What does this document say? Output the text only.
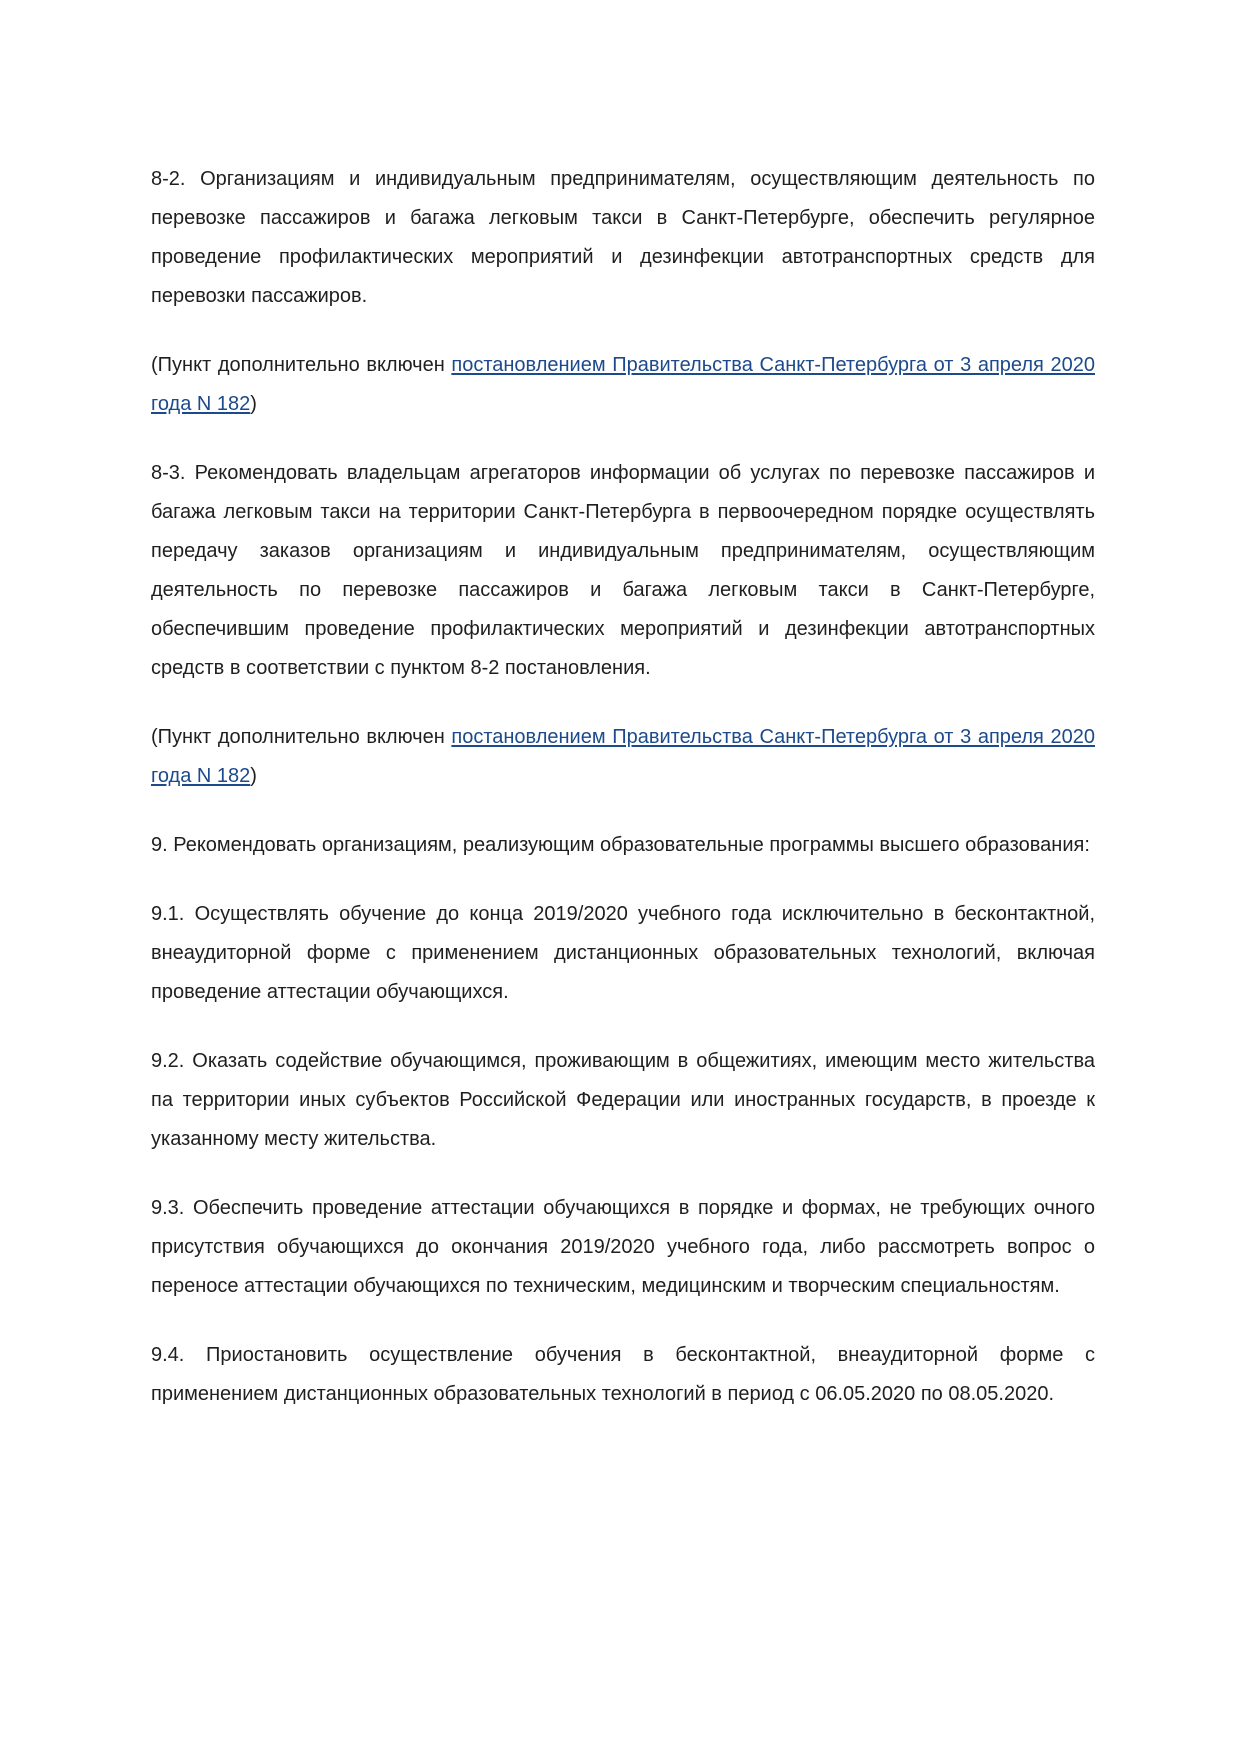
8-2. Организациям и индивидуальным предпринимателям, осуществляющим деятельность по перевозке пассажиров и багажа легковым такси в Санкт-Петербурге, обеспечить регулярное проведение профилактических мероприятий и дезинфекции автотранспортных средств для перевозки пассажиров.

(Пункт дополнительно включен постановлением Правительства Санкт-Петербурга от 3 апреля 2020 года N 182)

8-3. Рекомендовать владельцам агрегаторов информации об услугах по перевозке пассажиров и багажа легковым такси на территории Санкт-Петербурга в первоочередном порядке осуществлять передачу заказов организациям и индивидуальным предпринимателям, осуществляющим деятельность по перевозке пассажиров и багажа легковым такси в Санкт-Петербурге, обеспечившим проведение профилактических мероприятий и дезинфекции автотранспортных средств в соответствии с пунктом 8-2 постановления.

(Пункт дополнительно включен постановлением Правительства Санкт-Петербурга от 3 апреля 2020 года N 182)

9. Рекомендовать организациям, реализующим образовательные программы высшего образования:

9.1. Осуществлять обучение до конца 2019/2020 учебного года исключительно в бесконтактной, внеаудиторной форме с применением дистанционных образовательных технологий, включая проведение аттестации обучающихся.

9.2. Оказать содействие обучающимся, проживающим в общежитиях, имеющим место жительства па территории иных субъектов Российской Федерации или иностранных государств, в проезде к указанному месту жительства.

9.3. Обеспечить проведение аттестации обучающихся в порядке и формах, не требующих очного присутствия обучающихся до окончания 2019/2020 учебного года, либо рассмотреть вопрос о переносе аттестации обучающихся по техническим, медицинским и творческим специальностям.

9.4. Приостановить осуществление обучения в бесконтактной, внеаудиторной форме с применением дистанционных образовательных технологий в период с 06.05.2020 по 08.05.2020.
